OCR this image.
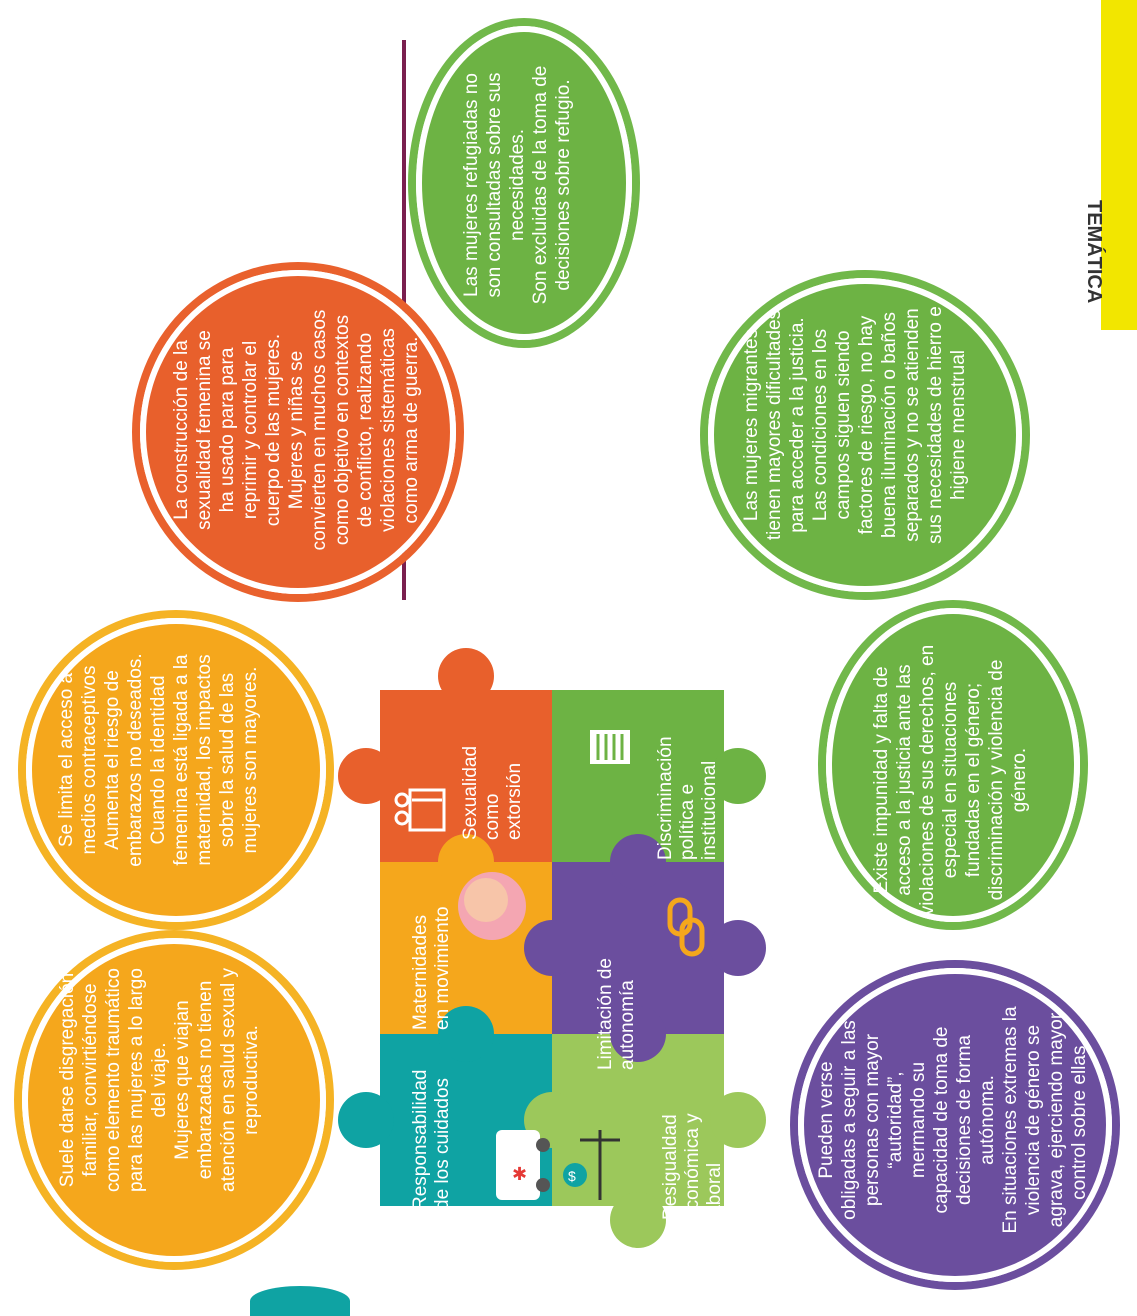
TEMÁTICA
Las mujeres refugiadas no
son consultadas sobre sus
necesidades.
Son excluidas de la toma de
decisiones sobre refugio.
La construcción de la
sexualidad femenina se
ha usado para para
reprimir y controlar el
cuerpo de las mujeres.
Mujeres y niñas se
convierten en muchos casos
como objetivo en contextos
de conflicto, realizando
violaciones sistemáticas
como arma de guerra.
Las mujeres migrantes
tienen mayores dificultades
para acceder a la justicia.
Las condiciones en los
campos siguen siendo
factores de riesgo, no hay
buena iluminación o baños
separados y no se atienden
sus necesidades de hierro e
higiene menstrual
Se limita el acceso a
medios contraceptivos
Aumenta el riesgo de
embarazos no deseados.
Cuando la identidad
femenina está ligada a la
maternidad, los impactos
sobre la salud de las
mujeres son mayores.
Existe impunidad y falta de
acceso a la justicia ante las
violaciones de sus derechos, en
especial en situaciones
fundadas en el género;
discriminación y violencia de
género.
Suele darse disgregación
familiar, convirtiéndose
como elemento traumático
para las mujeres a lo largo
del viaje.
Mujeres que viajan
embarazadas no tienen
atención en salud sexual y
reproductiva.
Pueden verse
obligadas a seguir a las
personas con mayor
“autoridad”,
mermando su
capacidad de toma de
decisiones de forma
autónoma.
En situaciones extremas la
violencia de género se
agrava, ejerciendo mayor
control sobre ellas.
✱	$
Sexualidad
como
extorsión	Discriminación
política e
institucional
Maternidades
en movimiento
Limitación de
autonomía
Responsabilidad
de los cuidados	Desigualdad
económica y
laboral
